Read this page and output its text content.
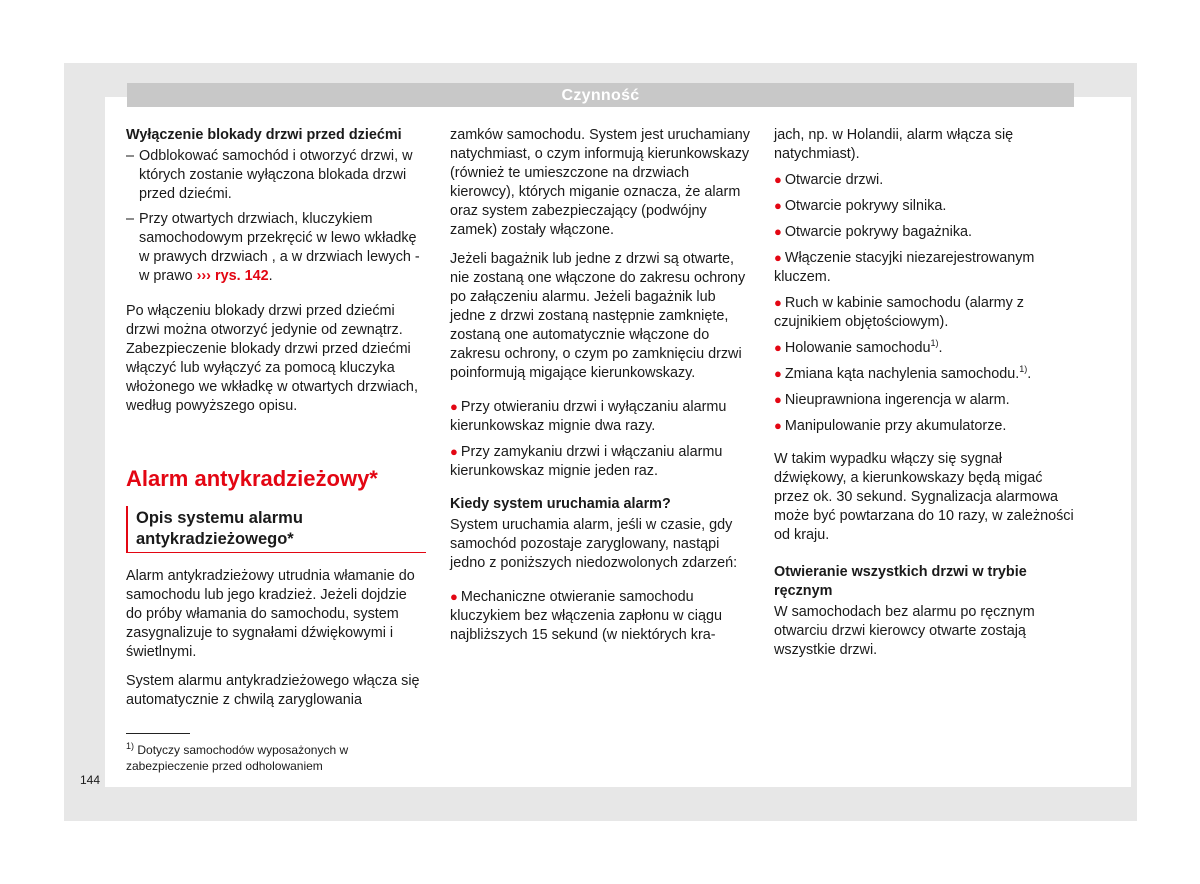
Czynność

Wyłączenie blokady drzwi przed dziećmi

– Odblokować samochód i otworzyć drzwi, w których zostanie wyłączona blokada drzwi przed dziećmi.
– Przy otwartych drzwiach, kluczykiem samochodowym przekręcić w lewo wkładkę w prawych drzwiach , a w drzwiach lewych - w prawo ››› rys. 142.

Po włączeniu blokady drzwi przed dziećmi drzwi można otworzyć jedynie od zewnątrz. Zabezpieczenie blokady drzwi przed dziećmi włączyć lub wyłączyć za pomocą kluczyka włożonego we wkładkę w otwartych drzwiach, według powyższego opisu.

Alarm antykradzieżowy*
Opis systemu alarmu antykradzieżowego*

Alarm antykradzieżowy utrudnia włamanie do samochodu lub jego kradzież. Jeżeli dojdzie do próby włamania do samochodu, system zasygnalizuje to sygnałami dźwiękowymi i świetlnymi.

System alarmu antykradzieżowego włącza się automatycznie z chwilą zaryglowania

zamków samochodu. System jest uruchamiany natychmiast, o czym informują kierunkowskazy (również te umieszczone na drzwiach kierowcy), których miganie oznacza, że alarm oraz system zabezpieczający (podwójny zamek) zostały włączone.

Jeżeli bagażnik lub jedne z drzwi są otwarte, nie zostaną one włączone do zakresu ochrony po załączeniu alarmu. Jeżeli bagażnik lub jedne z drzwi zostaną następnie zamknięte, zostaną one automatycznie włączone do zakresu ochrony, o czym po zamknięciu drzwi poinformują migające kierunkowskazy.

● Przy otwieraniu drzwi i wyłączaniu alarmu kierunkowskaz mignie dwa razy.
● Przy zamykaniu drzwi i włączaniu alarmu kierunkowskaz mignie jeden raz.

Kiedy system uruchamia alarm?

System uruchamia alarm, jeśli w czasie, gdy samochód pozostaje zaryglowany, nastąpi jedno z poniższych niedozwolonych zdarzeń:

● Mechaniczne otwieranie samochodu kluczykiem bez włączenia zapłonu w ciągu najbliższych 15 sekund (w niektórych kra-

jach, np. w Holandii, alarm włącza się natychmiast).

● Otwarcie drzwi.
● Otwarcie pokrywy silnika.
● Otwarcie pokrywy bagażnika.
● Włączenie stacyjki niezarejestrowanym kluczem.
● Ruch w kabinie samochodu (alarmy z czujnikiem objętościowym).
● Holowanie samochodu$^{1)}$.
● Zmiana kąta nachylenia samochodu.$^{1)}$.
● Nieuprawniona ingerencja w alarm.
● Manipulowanie przy akumulatorze.

W takim wypadku włączy się sygnał dźwiękowy, a kierunkowskazy będą migać przez ok. 30 sekund. Sygnalizacja alarmowa może być powtarzana do 10 razy, w zależności od kraju.

Otwieranie wszystkich drzwi w trybie ręcznym

W samochodach bez alarmu po ręcznym otwarciu drzwi kierowcy otwarte zostają wszystkie drzwi.

$^{1)}$ Dotyczy samochodów wyposażonych w zabezpieczenie przed odholowaniem
144
